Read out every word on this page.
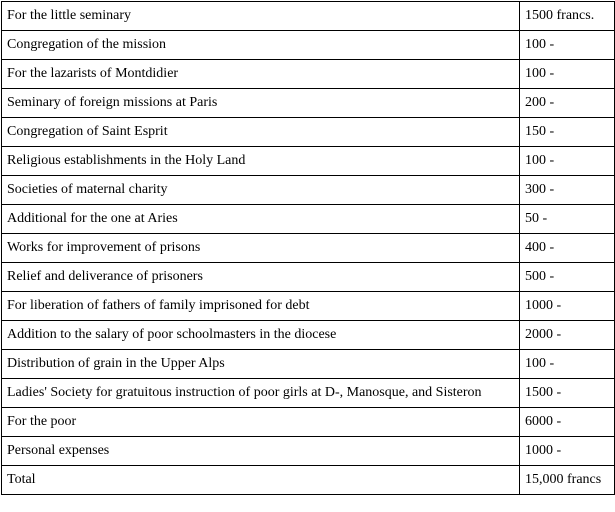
For the little seminary	1500 francs.
Congregation of the mission	100 -
For the lazarists of Montdidier	100 -
Seminary of foreign missions at Paris	200 -
Congregation of Saint Esprit	150 -
Religious establishments in the Holy Land	100 -
Societies of maternal charity	300 -
Additional for the one at Aries	50 -
Works for improvement of prisons	400 -
Relief and deliverance of prisoners	500 -
For liberation of fathers of family imprisoned for debt	1000 -
Addition to the salary of poor schoolmasters in the diocese	2000 -
Distribution of grain in the Upper Alps	100 -
Ladies' Society for gratuitous instruction of poor girls at D-, Manosque, and Sisteron	1500 -
For the poor	6000 -
Personal expenses	1000 -
Total	15,000 francs
